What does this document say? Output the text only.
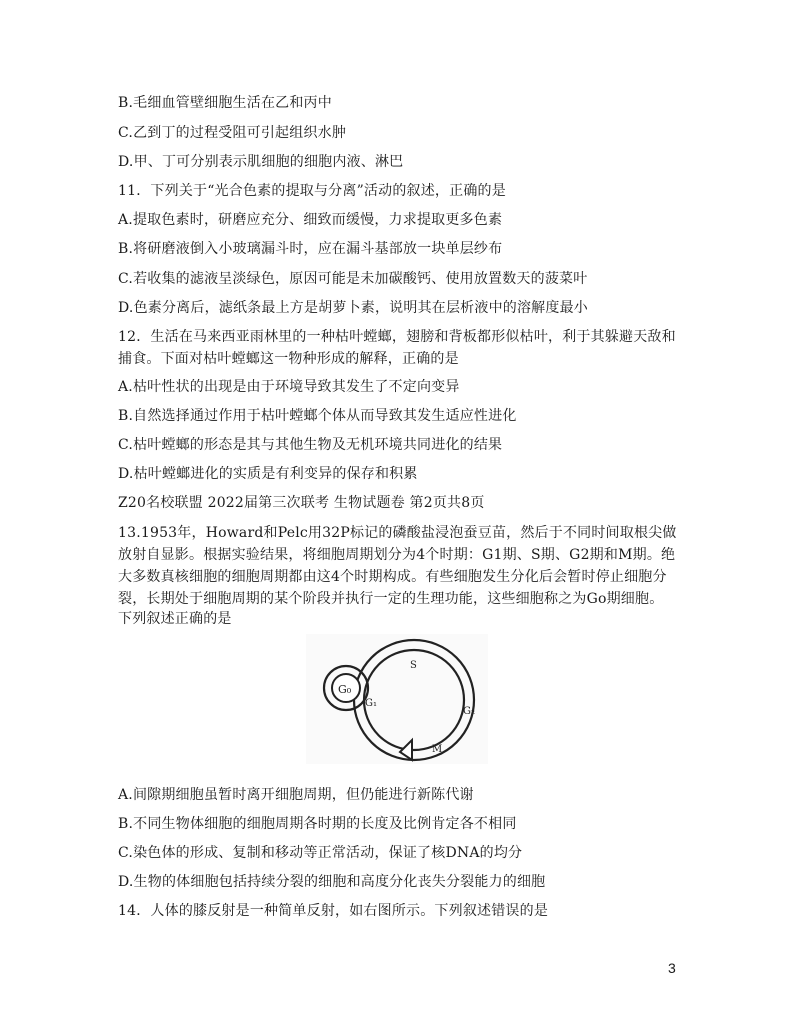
B.毛细血管壁细胞生活在乙和丙中
C.乙到丁的过程受阻可引起组织水肿
D.甲、丁可分别表示肌细胞的细胞内液、淋巴
11．下列关于“光合色素的提取与分离”活动的叙述，正确的是
A.提取色素时，研磨应充分、细致而缓慢，力求提取更多色素
B.将研磨液倒入小玻璃漏斗时，应在漏斗基部放一块单层纱布
C.若收集的滤液呈淡绿色，原因可能是未加碳酸钙、使用放置数天的菠菜叶
D.色素分离后，滤纸条最上方是胡萝卜素，说明其在层析液中的溶解度最小
12．生活在马来西亚雨林里的一种枯叶螳螂，翅膀和背板都形似枯叶，利于其躲避天敌和
捕食。下面对枯叶螳螂这一物种形成的解释，正确的是
A.枯叶性状的出现是由于环境导致其发生了不定向变异
B.自然选择通过作用于枯叶螳螂个体从而导致其发生适应性进化
C.枯叶螳螂的形态是其与其他生物及无机环境共同进化的结果
D.枯叶螳螂进化的实质是有利变异的保存和积累
Z20名校联盟 2022届第三次联考 生物试题卷 第2页共8页
13.1953年，Howard和Pelc用32P标记的磷酸盐浸泡蚕豆苗，然后于不同时间取根尖做
放射自显影。根据实验结果，将细胞周期划分为4个时期：G1期、S期、G2期和M期。绝
大多数真核细胞的细胞周期都由这4个时期构成。有些细胞发生分化后会暂时停止细胞分
裂，长期处于细胞周期的某个阶段并执行一定的生理功能，这些细胞称之为Go期细胞。
下列叙述正确的是
S
G₀
G₁
G₂
M
A.间隙期细胞虽暂时离开细胞周期，但仍能进行新陈代谢
B.不同生物体细胞的细胞周期各时期的长度及比例肯定各不相同
C.染色体的形成、复制和移动等正常活动，保证了核DNA的均分
D.生物的体细胞包括持续分裂的细胞和高度分化丧失分裂能力的细胞
14．人体的膝反射是一种简单反射，如右图所示。下列叙述错误的是
3
